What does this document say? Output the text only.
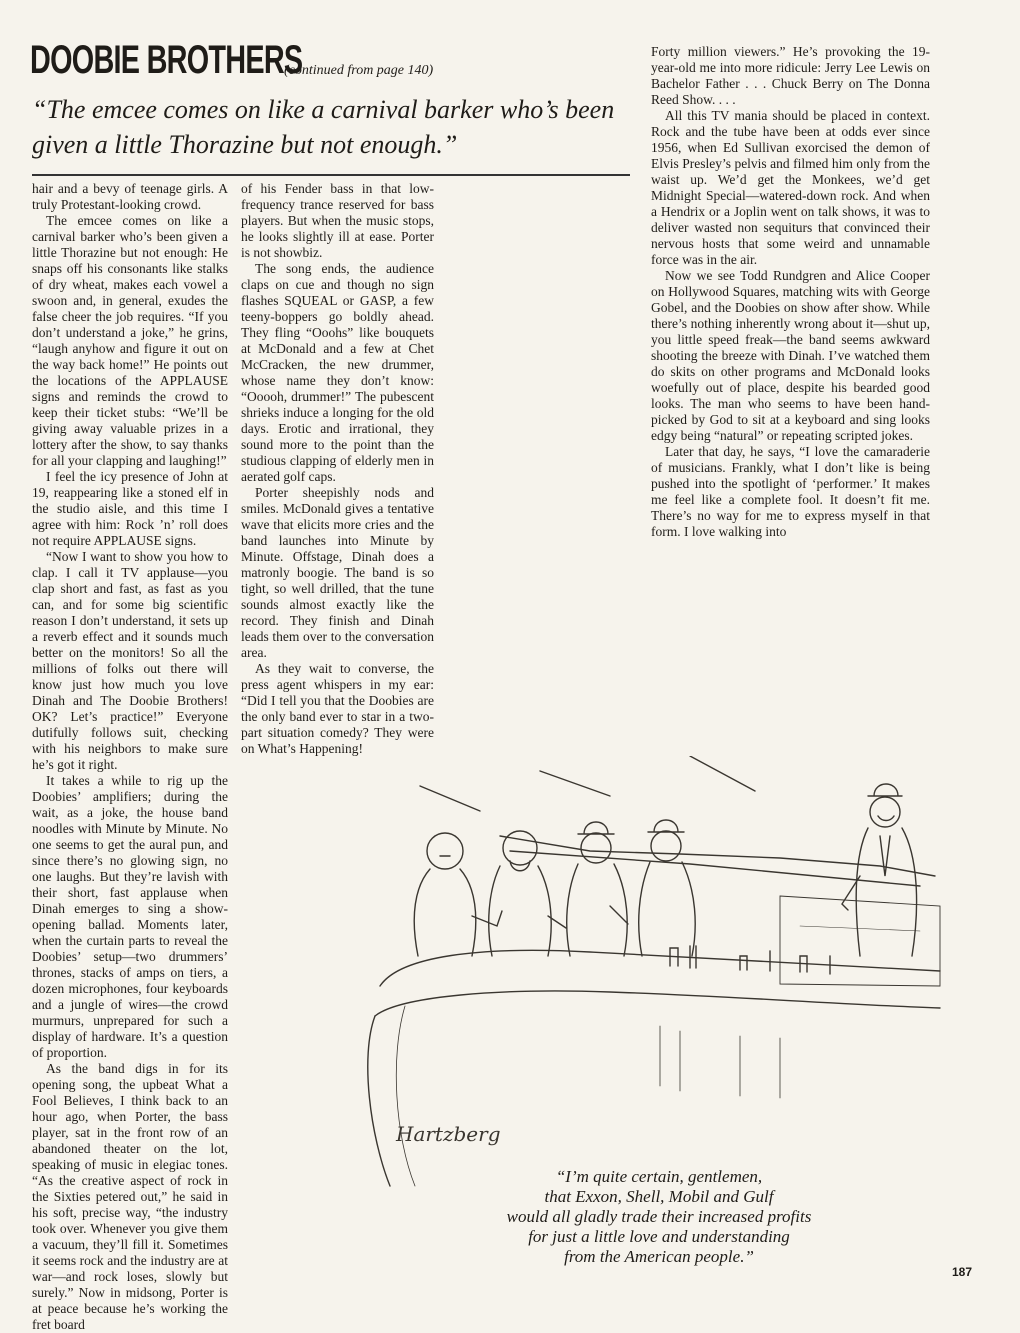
DOOBIE BROTHERS
(continued from page 140)

“The emcee comes on like a carnival barker who’s been given a little Thorazine but not enough.”

hair and a bevy of teenage girls. A truly Protestant-looking crowd.

The emcee comes on like a carnival barker who’s been given a little Thorazine but not enough: He snaps off his consonants like stalks of dry wheat, makes each vowel a swoon and, in general, exudes the false cheer the job requires. “If you don’t understand a joke,” he grins, “laugh anyhow and figure it out on the way back home!” He points out the locations of the APPLAUSE signs and reminds the crowd to keep their ticket stubs: “We’ll be giving away valuable prizes in a lottery after the show, to say thanks for all your clapping and laughing!”

I feel the icy presence of John at 19, reappearing like a stoned elf in the studio aisle, and this time I agree with him: Rock ’n’ roll does not require APPLAUSE signs.

“Now I want to show you how to clap. I call it TV applause—you clap short and fast, as fast as you can, and for some big scientific reason I don’t understand, it sets up a reverb effect and it sounds much better on the monitors! So all the millions of folks out there will know just how much you love Dinah and The Doobie Brothers! OK? Let’s practice!” Everyone dutifully follows suit, checking with his neighbors to make sure he’s got it right.

It takes a while to rig up the Doobies’ amplifiers; during the wait, as a joke, the house band noodles with Minute by Minute. No one seems to get the aural pun, and since there’s no glowing sign, no one laughs. But they’re lavish with their short, fast applause when Dinah emerges to sing a show-opening ballad. Moments later, when the curtain parts to reveal the Doobies’ setup—two drummers’ thrones, stacks of amps on tiers, a dozen microphones, four keyboards and a jungle of wires—the crowd murmurs, unprepared for such a display of hardware. It’s a question of proportion.

As the band digs in for its opening song, the upbeat What a Fool Believes, I think back to an hour ago, when Porter, the bass player, sat in the front row of an abandoned theater on the lot, speaking of music in elegiac tones. “As the creative aspect of rock in the Sixties petered out,” he said in his soft, precise way, “the industry took over. Whenever you give them a vacuum, they’ll fill it. Sometimes it seems rock and the industry are at war—and rock loses, slowly but surely.” Now in midsong, Porter is at peace because he’s working the fret board

of his Fender bass in that low-frequency trance reserved for bass players. But when the music stops, he looks slightly ill at ease. Porter is not showbiz.

The song ends, the audience claps on cue and though no sign flashes SQUEAL or GASP, a few teeny-boppers go boldly ahead. They fling “Ooohs” like bouquets at McDonald and a few at Chet McCracken, the new drummer, whose name they don’t know: “Ooooh, drummer!” The pubescent shrieks induce a longing for the old days. Erotic and irrational, they sound more to the point than the studious clapping of elderly men in aerated golf caps.

Porter sheepishly nods and smiles. McDonald gives a tentative wave that elicits more cries and the band launches into Minute by Minute. Offstage, Dinah does a matronly boogie. The band is so tight, so well drilled, that the tune sounds almost exactly like the record. They finish and Dinah leads them over to the conversation area.

As they wait to converse, the press agent whispers in my ear: “Did I tell you that the Doobies are the only band ever to star in a two-part situation comedy? They were on What’s Happening!

Forty million viewers.” He’s provoking the 19-year-old me into more ridicule: Jerry Lee Lewis on Bachelor Father . . . Chuck Berry on The Donna Reed Show. . . .

All this TV mania should be placed in context. Rock and the tube have been at odds ever since 1956, when Ed Sullivan exorcised the demon of Elvis Presley’s pelvis and filmed him only from the waist up. We’d get the Monkees, we’d get Midnight Special—watered-down rock. And when a Hendrix or a Joplin went on talk shows, it was to deliver wasted non sequiturs that convinced their nervous hosts that some weird and unnamable force was in the air.

Now we see Todd Rundgren and Alice Cooper on Hollywood Squares, matching wits with George Gobel, and the Doobies on show after show. While there’s nothing inherently wrong about it—shut up, you little speed freak—the band seems awkward shooting the breeze with Dinah. I’ve watched them do skits on other programs and McDonald looks woefully out of place, despite his bearded good looks. The man who seems to have been hand-picked by God to sit at a keyboard and sing looks edgy being “natural” or repeating scripted jokes.

Later that day, he says, “I love the camaraderie of musicians. Frankly, what I don’t like is being pushed into the spotlight of ‘performer.’ It makes me feel like a complete fool. It doesn’t fit me. There’s no way for me to express myself in that form. I love walking into

Hartzberg
“I’m quite certain, gentlemen,
that Exxon, Shell, Mobil and Gulf
would all gladly trade their increased profits
for just a little love and understanding
from the American people.”
187
